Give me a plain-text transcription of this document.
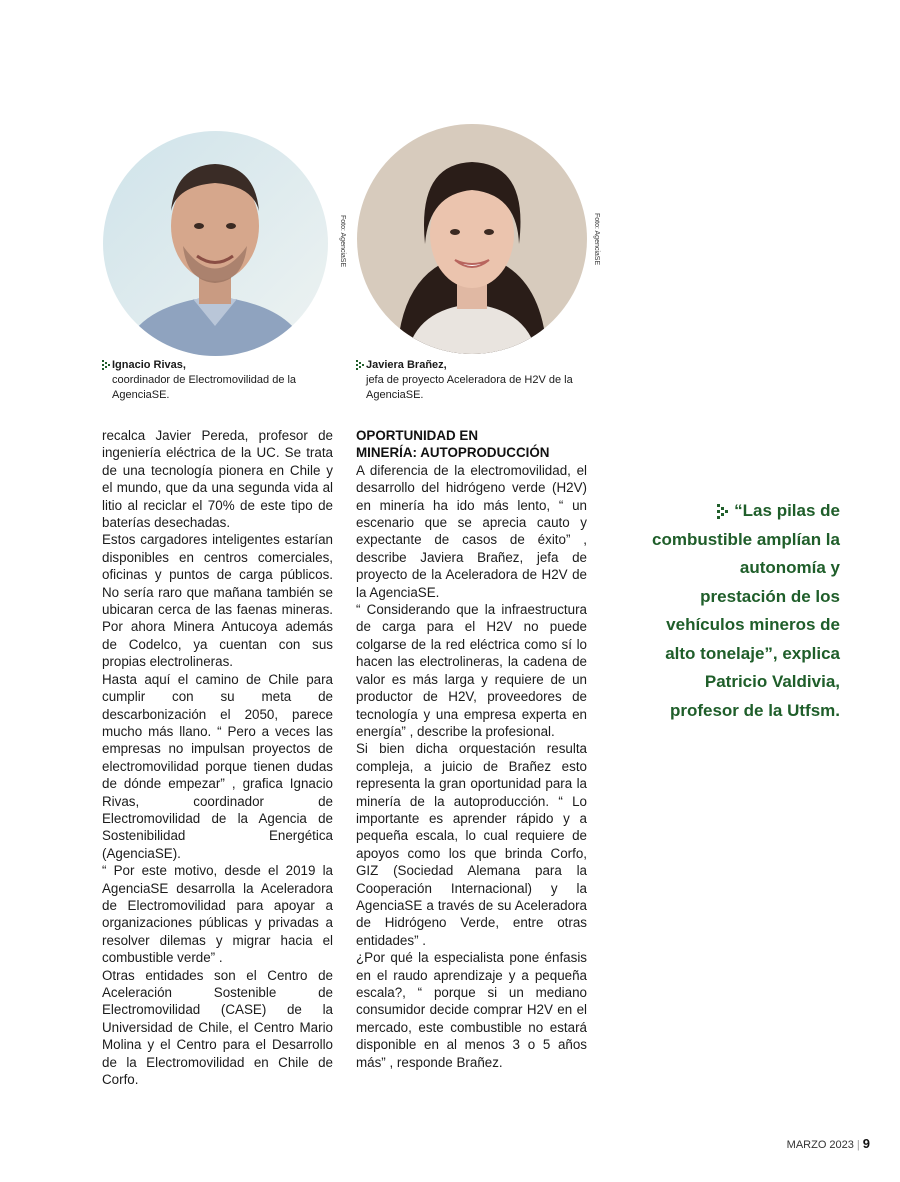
Foto: AgenciaSE	Foto: AgenciaSE
Ignacio Rivas,
coordinador de Electromovilidad de la AgenciaSE.
Javiera Brañez,
jefa de proyecto Aceleradora de H2V de la AgenciaSE.

recalca Javier Pereda, profesor de ingeniería eléctrica de la UC. Se trata de una tecnología pionera en Chile y el mundo, que da una segunda vida al litio al reciclar el 70% de este tipo de baterías desechadas.

Estos cargadores inteligentes estarían disponibles en centros comerciales, oficinas y puntos de carga públicos. No sería raro que mañana también se ubicaran cerca de las faenas mineras. Por ahora Minera Antucoya además de Codelco, ya cuentan con sus propias electrolineras.

Hasta aquí el camino de Chile para cumplir con su meta de descarbonización el 2050, parece mucho más llano. “ Pero a veces las empresas no impulsan proyectos de electromovilidad porque tienen dudas de dónde empezar” , grafica Ignacio Rivas, coordinador de Electromovilidad de la Agencia de Sostenibilidad Energética (AgenciaSE).

“ Por este motivo, desde el 2019 la AgenciaSE desarrolla la Aceleradora de Electromovilidad para apoyar a organizaciones públicas y privadas a resolver dilemas y migrar hacia el combustible verde” .

Otras entidades son el Centro de Aceleración Sostenible de Electromovilidad (CASE) de la Universidad de Chile, el Centro Mario Molina y el Centro para el Desarrollo de la Electromovilidad en Chile de Corfo.

OPORTUNIDAD EN
MINERÍA: AUTOPRODUCCIÓN

A diferencia de la electromovilidad, el desarrollo del hidrógeno verde (H2V) en minería ha ido más lento, “ un escenario que se aprecia cauto y expectante de casos de éxito” , describe Javiera Brañez, jefa de proyecto de la Aceleradora de H2V de la AgenciaSE.

“ Considerando que la infraestructura de carga para el H2V no puede colgarse de la red eléctrica como sí lo hacen las electrolineras, la cadena de valor es más larga y requiere de un productor de H2V, proveedores de tecnología y una empresa experta en energía” , describe la profesional.

Si bien dicha orquestación resulta compleja, a juicio de Brañez esto representa la gran oportunidad para la minería de la autoproducción. “ Lo importante es aprender rápido y a pequeña escala, lo cual requiere de apoyos como los que brinda Corfo, GIZ (Sociedad Alemana para la Cooperación Internacional) y la AgenciaSE a través de su Aceleradora de Hidrógeno Verde, entre otras entidades” .

¿Por qué la especialista pone énfasis en el raudo aprendizaje y a pequeña escala?, “ porque si un mediano consumidor decide comprar H2V en el mercado, este combustible no estará disponible en al menos 3 o 5 años más” , responde Brañez.

“Las pilas de combustible amplían la autonomía y prestación de los vehículos mineros de alto tonelaje”, explica Patricio Valdivia, profesor de la Utfsm.
MARZO 2023 | 9
